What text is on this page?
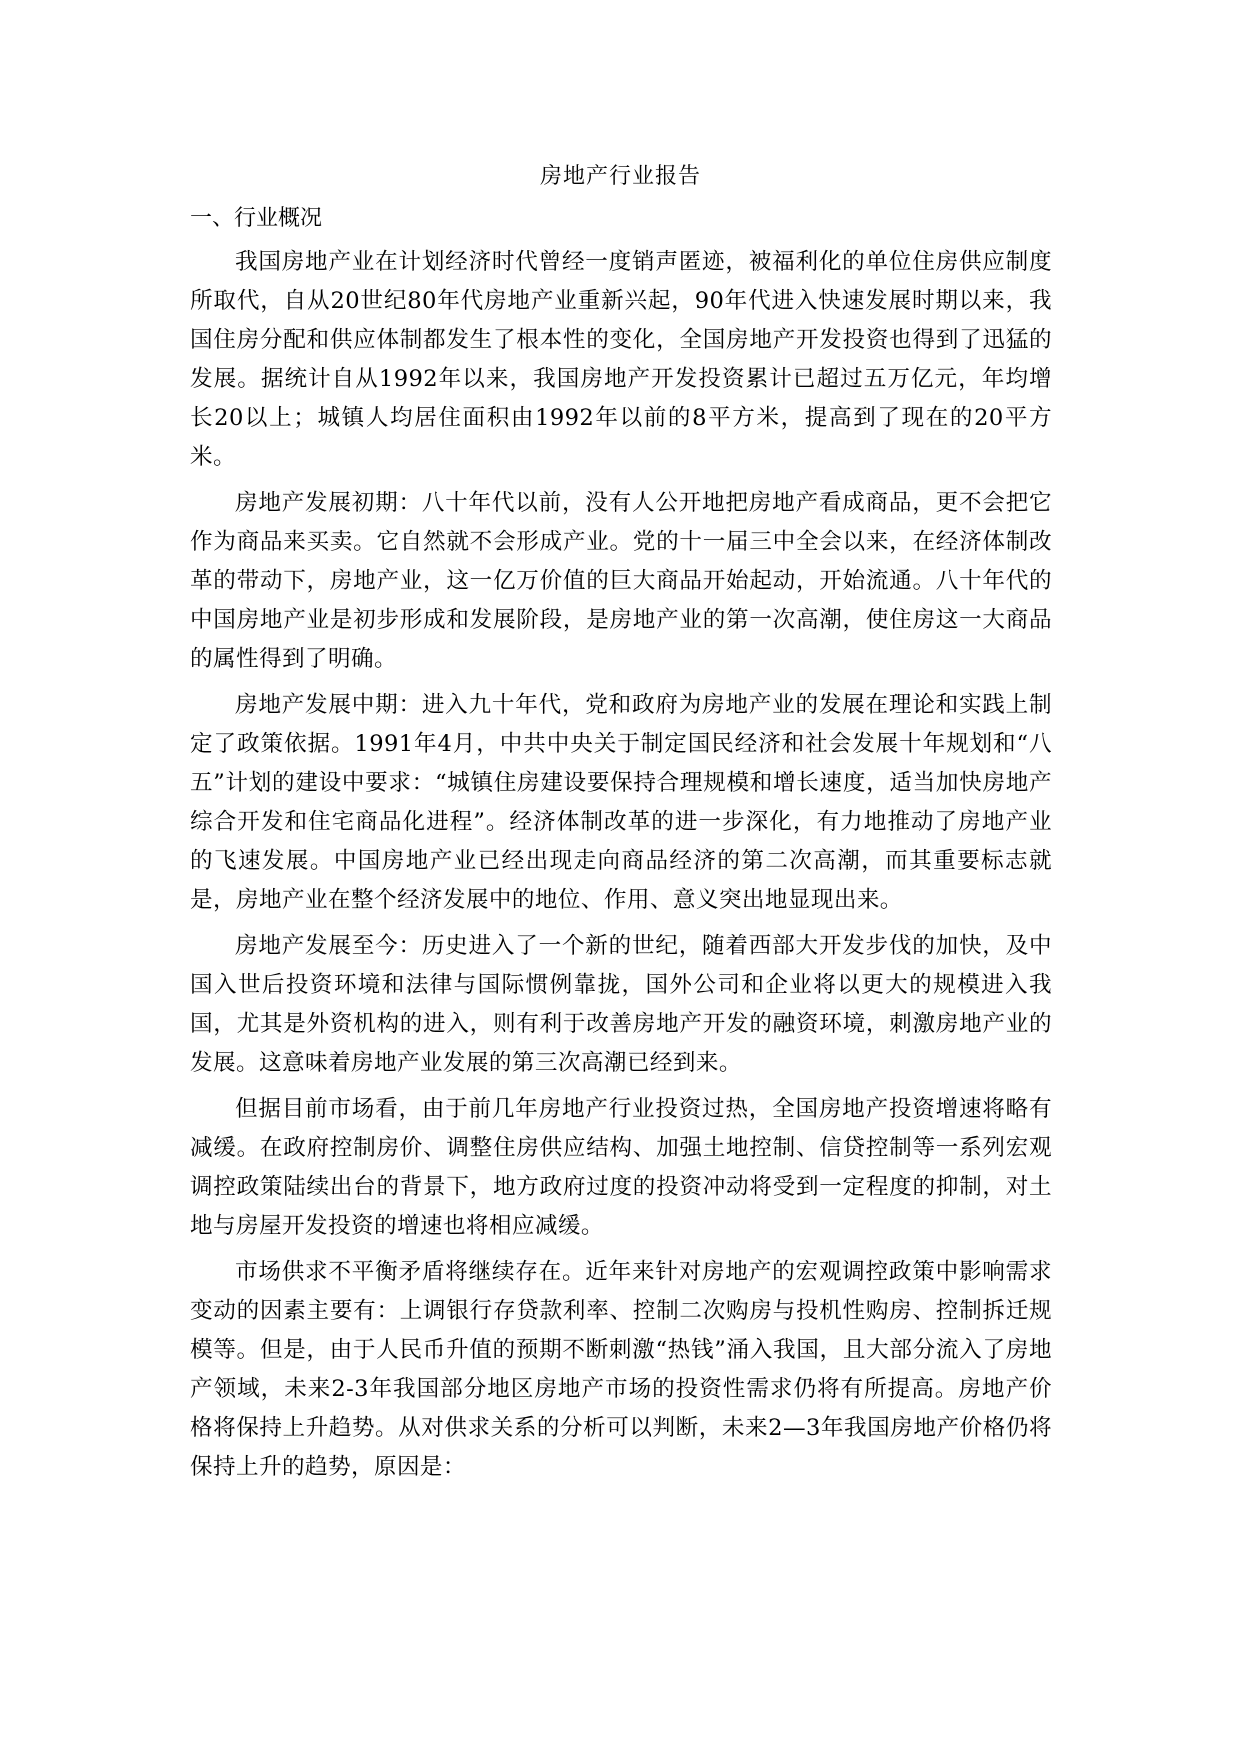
房地产行业报告
一、行业概况

我国房地产业在计划经济时代曾经一度销声匿迹，被福利化的单位住房供应制度所取代，自从20世纪80年代房地产业重新兴起，90年代进入快速发展时期以来，我国住房分配和供应体制都发生了根本性的变化，全国房地产开发投资也得到了迅猛的发展。据统计自从1992年以来，我国房地产开发投资累计已超过五万亿元，年均增长20以上；城镇人均居住面积由1992年以前的8平方米，提高到了现在的20平方米。

房地产发展初期：八十年代以前，没有人公开地把房地产看成商品，更不会把它作为商品来买卖。它自然就不会形成产业。党的十一届三中全会以来，在经济体制改革的带动下，房地产业，这一亿万价值的巨大商品开始起动，开始流通。八十年代的中国房地产业是初步形成和发展阶段，是房地产业的第一次高潮，使住房这一大商品的属性得到了明确。

房地产发展中期：进入九十年代，党和政府为房地产业的发展在理论和实践上制定了政策依据。1991年4月，中共中央关于制定国民经济和社会发展十年规划和“八五”计划的建设中要求：“城镇住房建设要保持合理规模和增长速度，适当加快房地产综合开发和住宅商品化进程”。经济体制改革的进一步深化，有力地推动了房地产业的飞速发展。中国房地产业已经出现走向商品经济的第二次高潮，而其重要标志就是，房地产业在整个经济发展中的地位、作用、意义突出地显现出来。

房地产发展至今：历史进入了一个新的世纪，随着西部大开发步伐的加快，及中国入世后投资环境和法律与国际惯例靠拢，国外公司和企业将以更大的规模进入我国，尤其是外资机构的进入，则有利于改善房地产开发的融资环境，刺激房地产业的发展。这意味着房地产业发展的第三次高潮已经到来。

但据目前市场看，由于前几年房地产行业投资过热，全国房地产投资增速将略有减缓。在政府控制房价、调整住房供应结构、加强土地控制、信贷控制等一系列宏观调控政策陆续出台的背景下，地方政府过度的投资冲动将受到一定程度的抑制，对土地与房屋开发投资的增速也将相应减缓。

市场供求不平衡矛盾将继续存在。近年来针对房地产的宏观调控政策中影响需求变动的因素主要有：上调银行存贷款利率、控制二次购房与投机性购房、控制拆迁规模等。但是，由于人民币升值的预期不断刺激“热钱”涌入我国，且大部分流入了房地产领域，未来2-3年我国部分地区房地产市场的投资性需求仍将有所提高。房地产价格将保持上升趋势。从对供求关系的分析可以判断，未来2—3年我国房地产价格仍将保持上升的趋势，原因是：
